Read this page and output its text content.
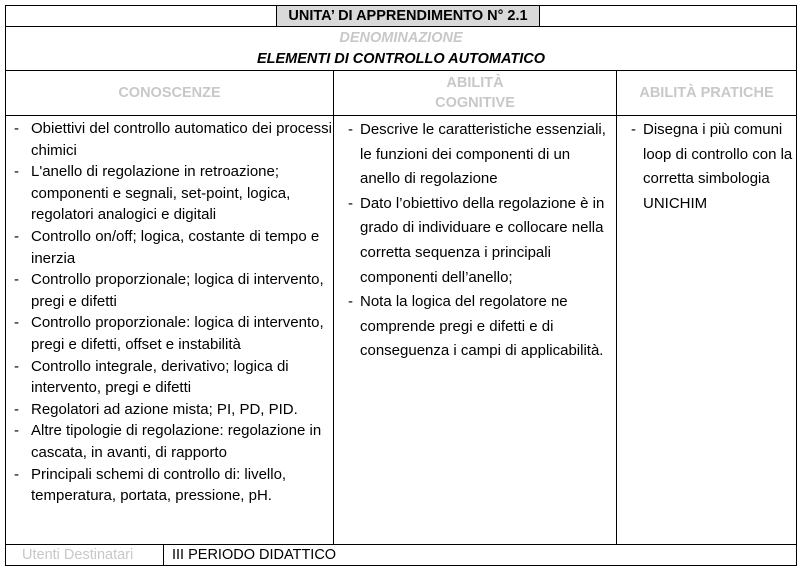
UNITA’ DI APPRENDIMENTO N° 2.1
DENOMINAZIONE
ELEMENTI DI CONTROLLO AUTOMATICO
CONOSCENZE
ABILITÀ
COGNITIVE
ABILITÀ PRATICHE
- Obiettivi del controllo automatico dei processi chimici
- L'anello di regolazione in retroazione; componenti e segnali, set-point, logica, regolatori analogici e digitali
- Controllo on/off; logica, costante di tempo e inerzia
- Controllo proporzionale; logica di intervento, pregi e difetti
- Controllo proporzionale: logica di intervento, pregi e difetti, offset e instabilità
- Controllo integrale, derivativo; logica di intervento, pregi e difetti
- Regolatori ad azione mista; PI, PD, PID.
- Altre tipologie di regolazione: regolazione in cascata, in avanti, di rapporto
- Principali schemi di controllo di: livello, temperatura, portata, pressione, pH.
- Descrive le caratteristiche essenziali, le funzioni dei componenti di un anello di regolazione
- Dato l’obiettivo della regolazione è in grado di individuare e collocare nella corretta sequenza i principali componenti dell’anello;
- Nota la logica del regolatore ne comprende pregi e difetti e di conseguenza i campi di applicabilità.
- Disegna i più comuni loop di controllo con la corretta simbologia UNICHIM
Utenti Destinatari	III PERIODO DIDATTICO
